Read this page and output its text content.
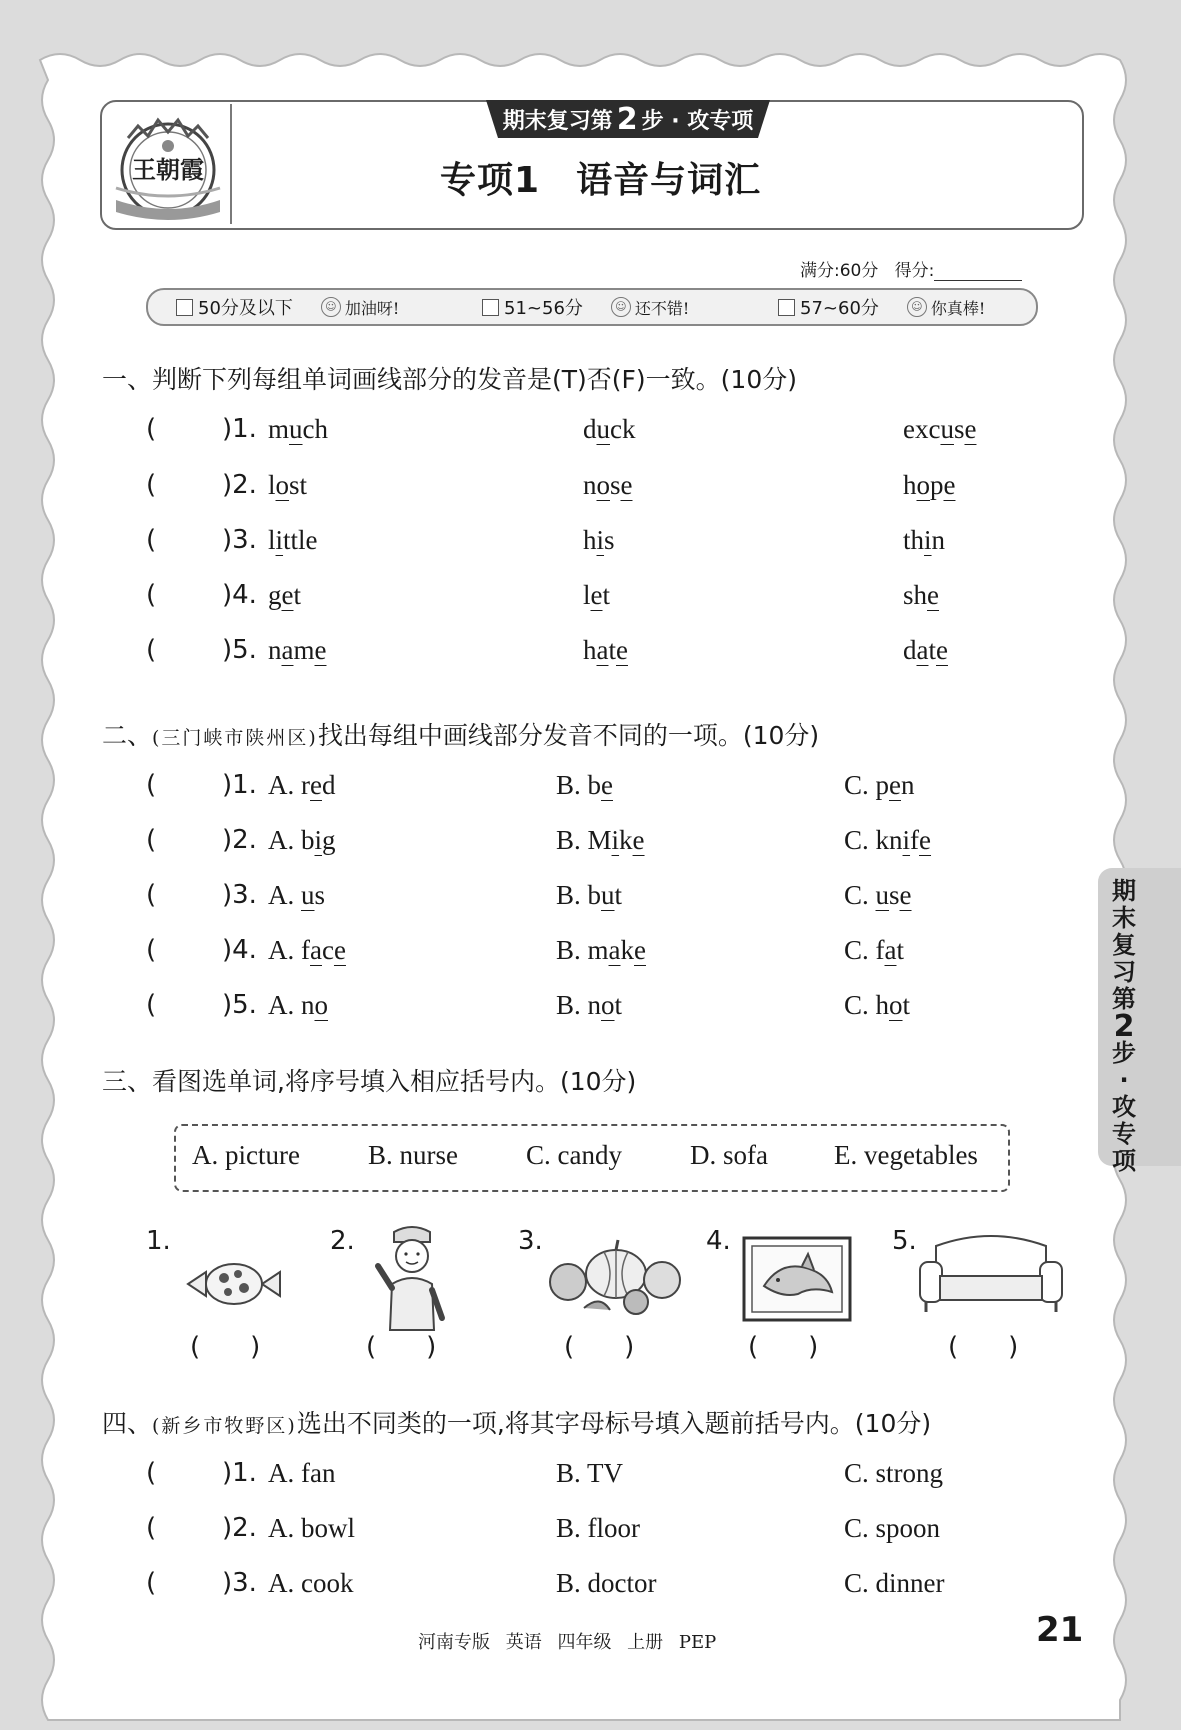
王朝霞
期末复习第 2 步 · 攻专项
专项1 语音与词汇
满分:60分 得分:
50分及以下	☺ 加油呀!	51~56分	☺ 还不错!	57~60分	☺ 你真棒!
一、判断下列每组单词画线部分的发音是(T)否(F)一致。(10分)
(	)1. much	duck	excuse
(	)2. lost	nose	hope
(	)3. little	his	thin
(	)4. get	let	she
(	)5. name	hate	date
二、(三门峡市陕州区)找出每组中画线部分发音不同的一项。(10分)
(	)1. A. red	B. be	C. pen
(	)2. A. big	B. Mike	C. knife
(	)3. A. us	B. but	C. use
(	)4. A. face	B. make	C. fat
(	)5. A. no	B. not	C. hot
三、看图选单词,将序号填入相应括号内。(10分)
A. picture	B. nurse	C. candy	D. sofa E. vegetables
1.	2.	3.	4.	5.
( )	( )	( )	( )	( )
四、(新乡市牧野区)选出不同类的一项,将其字母标号填入题前括号内。(10分)
(	)1. A. fan	B. TV	C. strong
(	)2. A. bowl	B. floor	C. spoon
(	)3. A. cook	B. doctor	C. dinner
河南专版 英语 四年级 上册 PEP	21
期
末
复
习
第
2
步
·
攻
专
项
